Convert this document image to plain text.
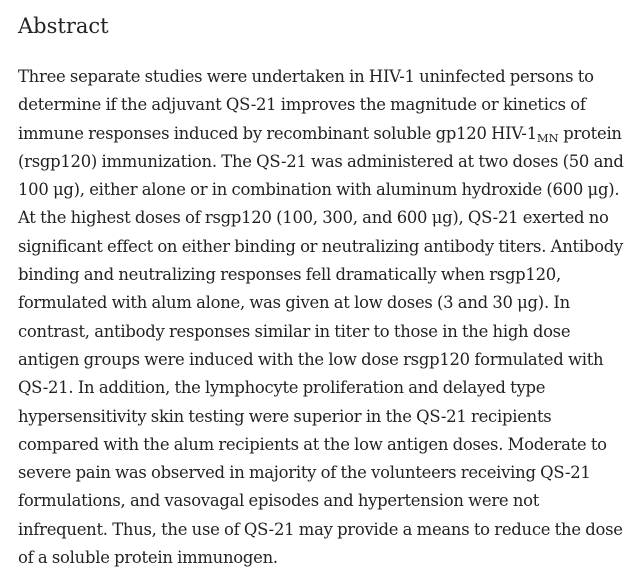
Abstract

Three separate studies were undertaken in HIV-1 uninfected persons to
determine if the adjuvant QS-21 improves the magnitude or kinetics of
immune responses induced by recombinant soluble gp120 HIV-$1_{MN}$ protein
(rsgp120) immunization. The QS-21 was administered at two doses (50 and
100 μg), either alone or in combination with aluminum hydroxide (600 μg).
At the highest doses of rsgp120 (100, 300, and 600 μg), QS-21 exerted no
significant effect on either binding or neutralizing antibody titers. Antibody
binding and neutralizing responses fell dramatically when rsgp120,
formulated with alum alone, was given at low doses (3 and 30 μg). In
contrast, antibody responses similar in titer to those in the high dose
antigen groups were induced with the low dose rsgp120 formulated with
QS-21. In addition, the lymphocyte proliferation and delayed type
hypersensitivity skin testing were superior in the QS-21 recipients
compared with the alum recipients at the low antigen doses. Moderate to
severe pain was observed in majority of the volunteers receiving QS-21
formulations, and vasovagal episodes and hypertension were not
infrequent. Thus, the use of QS-21 may provide a means to reduce the dose
of a soluble protein immunogen.
